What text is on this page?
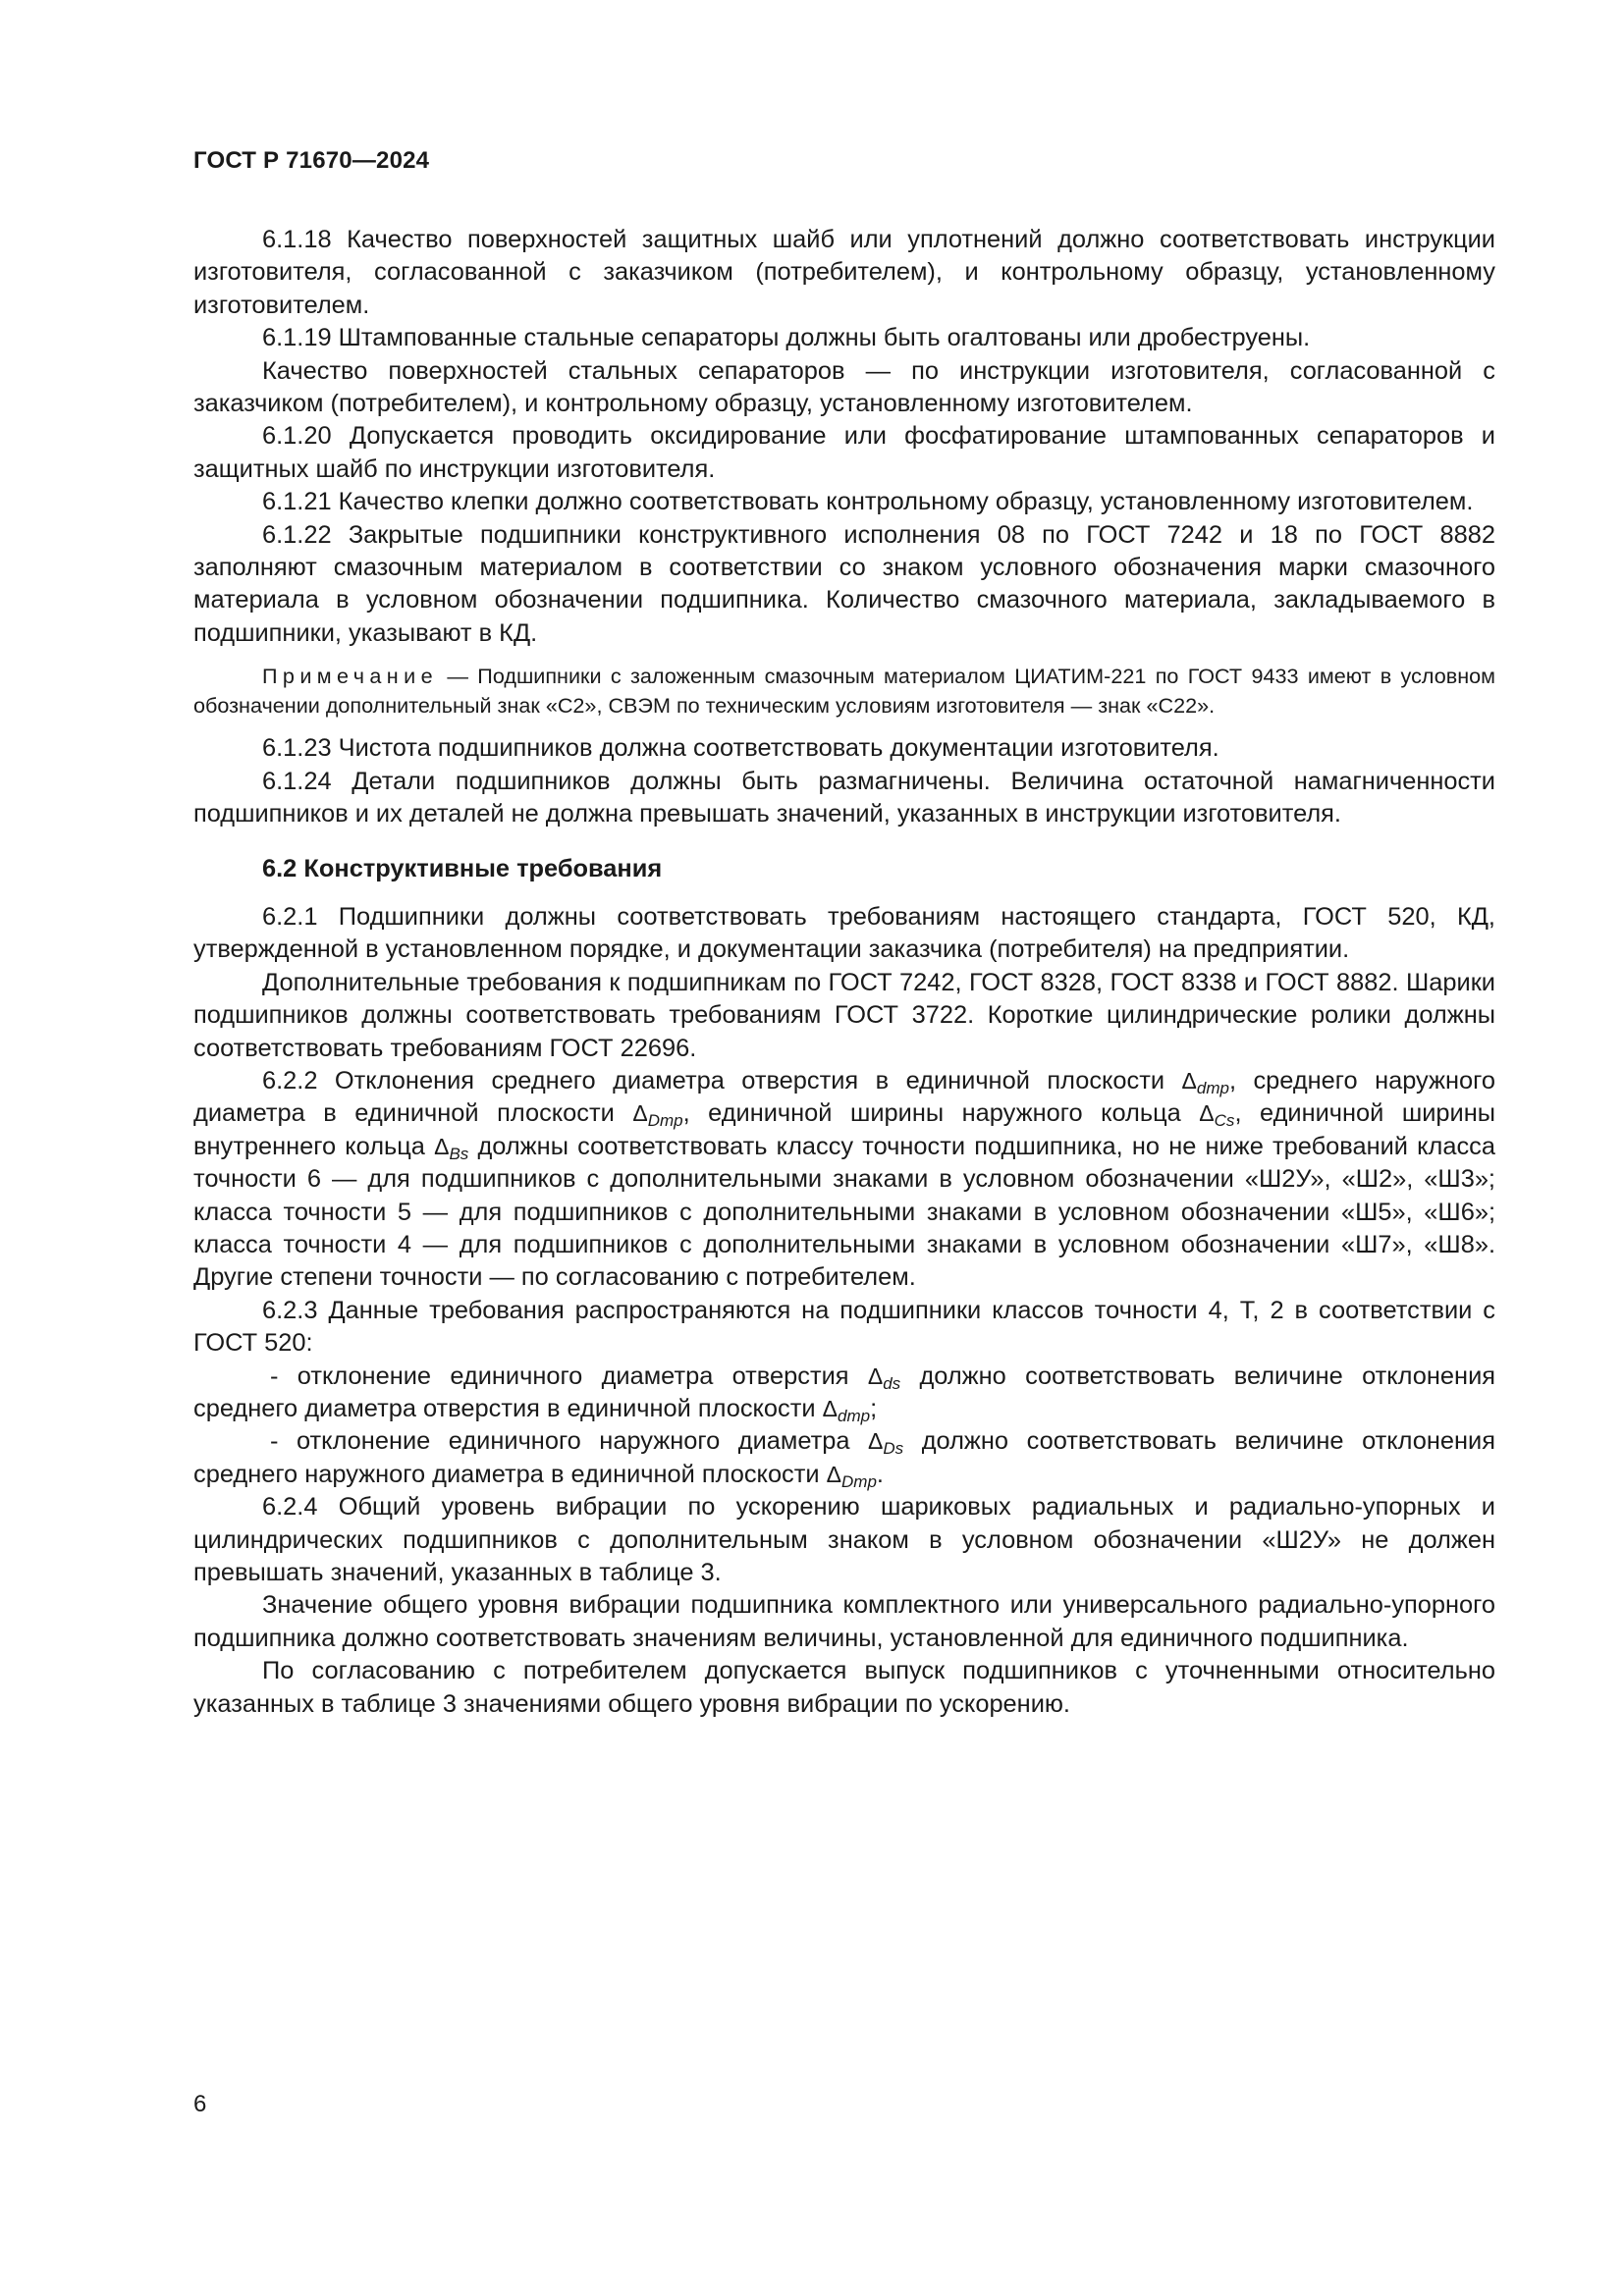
ГОСТ Р 71670—2024

6.1.18 Качество поверхностей защитных шайб или уплотнений должно соответствовать инструкции изготовителя, согласованной с заказчиком (потребителем), и контрольному образцу, установленному изготовителем.

6.1.19 Штампованные стальные сепараторы должны быть огалтованы или дробеструены.

Качество поверхностей стальных сепараторов — по инструкции изготовителя, согласованной с заказчиком (потребителем), и контрольному образцу, установленному изготовителем.

6.1.20 Допускается проводить оксидирование или фосфатирование штампованных сепараторов и защитных шайб по инструкции изготовителя.

6.1.21 Качество клепки должно соответствовать контрольному образцу, установленному изготовителем.

6.1.22 Закрытые подшипники конструктивного исполнения 08 по ГОСТ 7242 и 18 по ГОСТ 8882 заполняют смазочным материалом в соответствии со знаком условного обозначения марки смазочного материала в условном обозначении подшипника. Количество смазочного материала, закладываемого в подшипники, указывают в КД.

Примечание — Подшипники с заложенным смазочным материалом ЦИАТИМ-221 по ГОСТ 9433 имеют в условном обозначении дополнительный знак «С2», СВЭМ по техническим условиям изготовителя — знак «С22».

6.1.23 Чистота подшипников должна соответствовать документации изготовителя.

6.1.24 Детали подшипников должны быть размагничены. Величина остаточной намагниченности подшипников и их деталей не должна превышать значений, указанных в инструкции изготовителя.

6.2 Конструктивные требования

6.2.1 Подшипники должны соответствовать требованиям настоящего стандарта, ГОСТ 520, КД, утвержденной в установленном порядке, и документации заказчика (потребителя) на предприятии.

Дополнительные требования к подшипникам по ГОСТ 7242, ГОСТ 8328, ГОСТ 8338 и ГОСТ 8882. Шарики подшипников должны соответствовать требованиям ГОСТ 3722. Короткие цилиндрические ролики должны соответствовать требованиям ГОСТ 22696.

6.2.2 Отклонения среднего диаметра отверстия в единичной плоскости $\Delta_{dmp}$, среднего наружного диаметра в единичной плоскости $\Delta_{Dmp}$, единичной ширины наружного кольца $\Delta_{Cs}$, единичной ширины внутреннего кольца $\Delta_{Bs}$ должны соответствовать классу точности подшипника, но не ниже требований класса точности 6 — для подшипников с дополнительными знаками в условном обозначении «Ш2У», «Ш2», «Ш3»; класса точности 5 — для подшипников с дополнительными знаками в условном обозначении «Ш5», «Ш6»; класса точности 4 — для подшипников с дополнительными знаками в условном обозначении «Ш7», «Ш8». Другие степени точности — по согласованию с потребителем.

6.2.3 Данные требования распространяются на подшипники классов точности 4, Т, 2 в соответствии с ГОСТ 520:

- отклонение единичного диаметра отверстия $\Delta_{ds}$ должно соответствовать величине отклонения среднего диаметра отверстия в единичной плоскости $\Delta_{dmp}$;

- отклонение единичного наружного диаметра $\Delta_{Ds}$ должно соответствовать величине отклонения среднего наружного диаметра в единичной плоскости $\Delta_{Dmp}$.

6.2.4 Общий уровень вибрации по ускорению шариковых радиальных и радиально-упорных и цилиндрических подшипников с дополнительным знаком в условном обозначении «Ш2У» не должен превышать значений, указанных в таблице 3.

Значение общего уровня вибрации подшипника комплектного или универсального радиально-упорного подшипника должно соответствовать значениям величины, установленной для единичного подшипника.

По согласованию с потребителем допускается выпуск подшипников с уточненными относительно указанных в таблице 3 значениями общего уровня вибрации по ускорению.

6
